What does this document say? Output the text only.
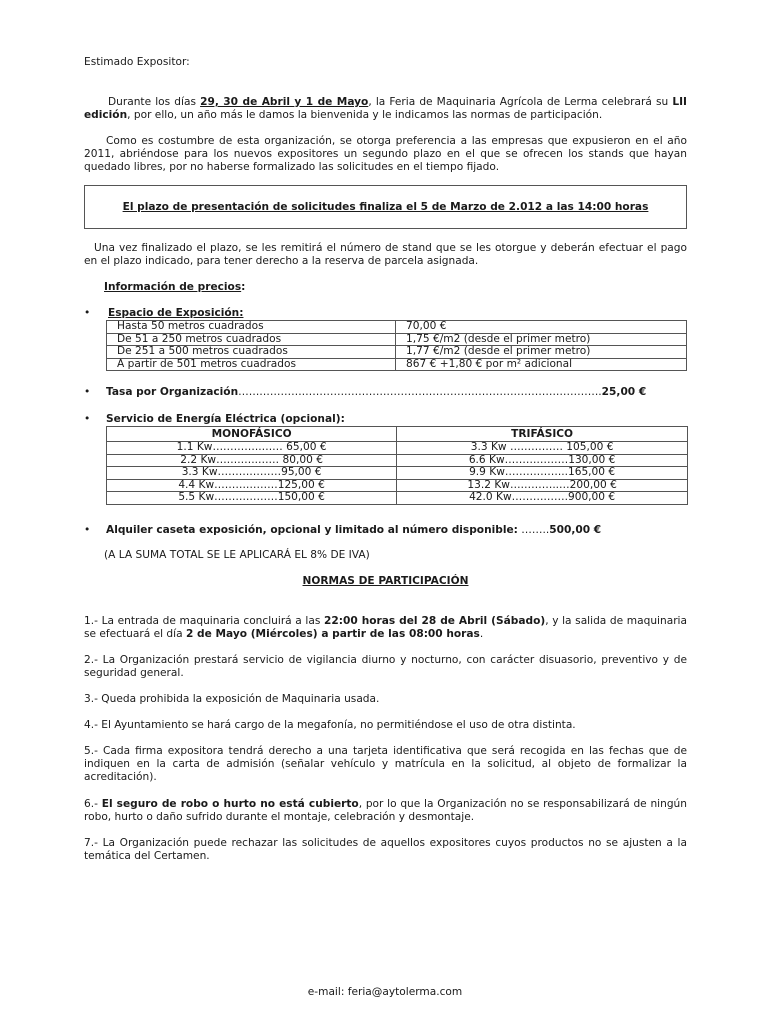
Estimado Expositor:

Durante los días 29, 30 de Abril y 1 de Mayo, la Feria de Maquinaria Agrícola de Lerma celebrará su LII edición, por ello, un año más le damos la bienvenida y le indicamos las normas de participación.

Como es costumbre de esta organización, se otorga preferencia a las empresas que expusieron en el año 2011, abriéndose para los nuevos expositores un segundo plazo en el que se ofrecen los stands que hayan quedado libres, por no haberse formalizado las solicitudes en el tiempo fijado.

El plazo de presentación de solicitudes finaliza el 5 de Marzo de 2.012 a las 14:00 horas

Una vez finalizado el plazo, se les remitirá el número de stand que se les otorgue y deberán efectuar el pago en el plazo indicado, para tener derecho a la reserva de parcela asignada.

Información de precios:

•	Espacio de Exposición:

Hasta 50 metros cuadrados	70,00 €
De 51 a 250 metros cuadrados	1,75 €/m2 (desde el primer metro)
De 251 a 500 metros cuadrados	1,77 €/m2 (desde el primer metro)
A partir de 501 metros cuadrados	867 € +1,80 € por m² adicional
•	Tasa por Organización………………………………………………………………………………………….25,00 €

•	Servicio de Energía Eléctrica (opcional):

MONOFÁSICO	TRIFÁSICO
1.1 Kw…………..…… 65,00 €	3.3 Kw …………… 105,00 €
2.2 Kw…….…..…… 80,00 €	6.6 Kw………………130,00 €
3.3 Kw………………95,00 €	9.9 Kw……………...165,00 €
4.4 Kw………………125,00 €	13.2 Kw…………..…200,00 €
5.5 Kw………………150,00 €	42.0 Kw…………….900,00 €
•	Alquiler caseta exposición, opcional y limitado al número disponible: ……..500,00 €

(A LA SUMA TOTAL SE LE APLICARÁ EL 8% DE IVA)

NORMAS DE PARTICIPACIÓN

1.- La entrada de maquinaria concluirá a las 22:00 horas del 28 de Abril (Sábado), y la salida de maquinaria se efectuará el día 2 de Mayo (Miércoles) a partir de las 08:00 horas.

2.- La Organización prestará servicio de vigilancia diurno y nocturno, con carácter disuasorio, preventivo y de seguridad general.

3.- Queda prohibida la exposición de Maquinaria usada.

4.- El Ayuntamiento se hará cargo de la megafonía, no permitiéndose el uso de otra distinta.

5.- Cada firma expositora tendrá derecho a una tarjeta identificativa que será recogida en las fechas que de indiquen en la carta de admisión (señalar vehículo y matrícula en la solicitud, al objeto de formalizar la acreditación).

6.- El seguro de robo o hurto no está cubierto, por lo que la Organización no se responsabilizará de ningún robo, hurto o daño sufrido durante el montaje, celebración y desmontaje.

7.- La Organización puede rechazar las solicitudes de aquellos expositores cuyos productos no se ajusten a la temática del Certamen.

e-mail: feria@aytolerma.com
